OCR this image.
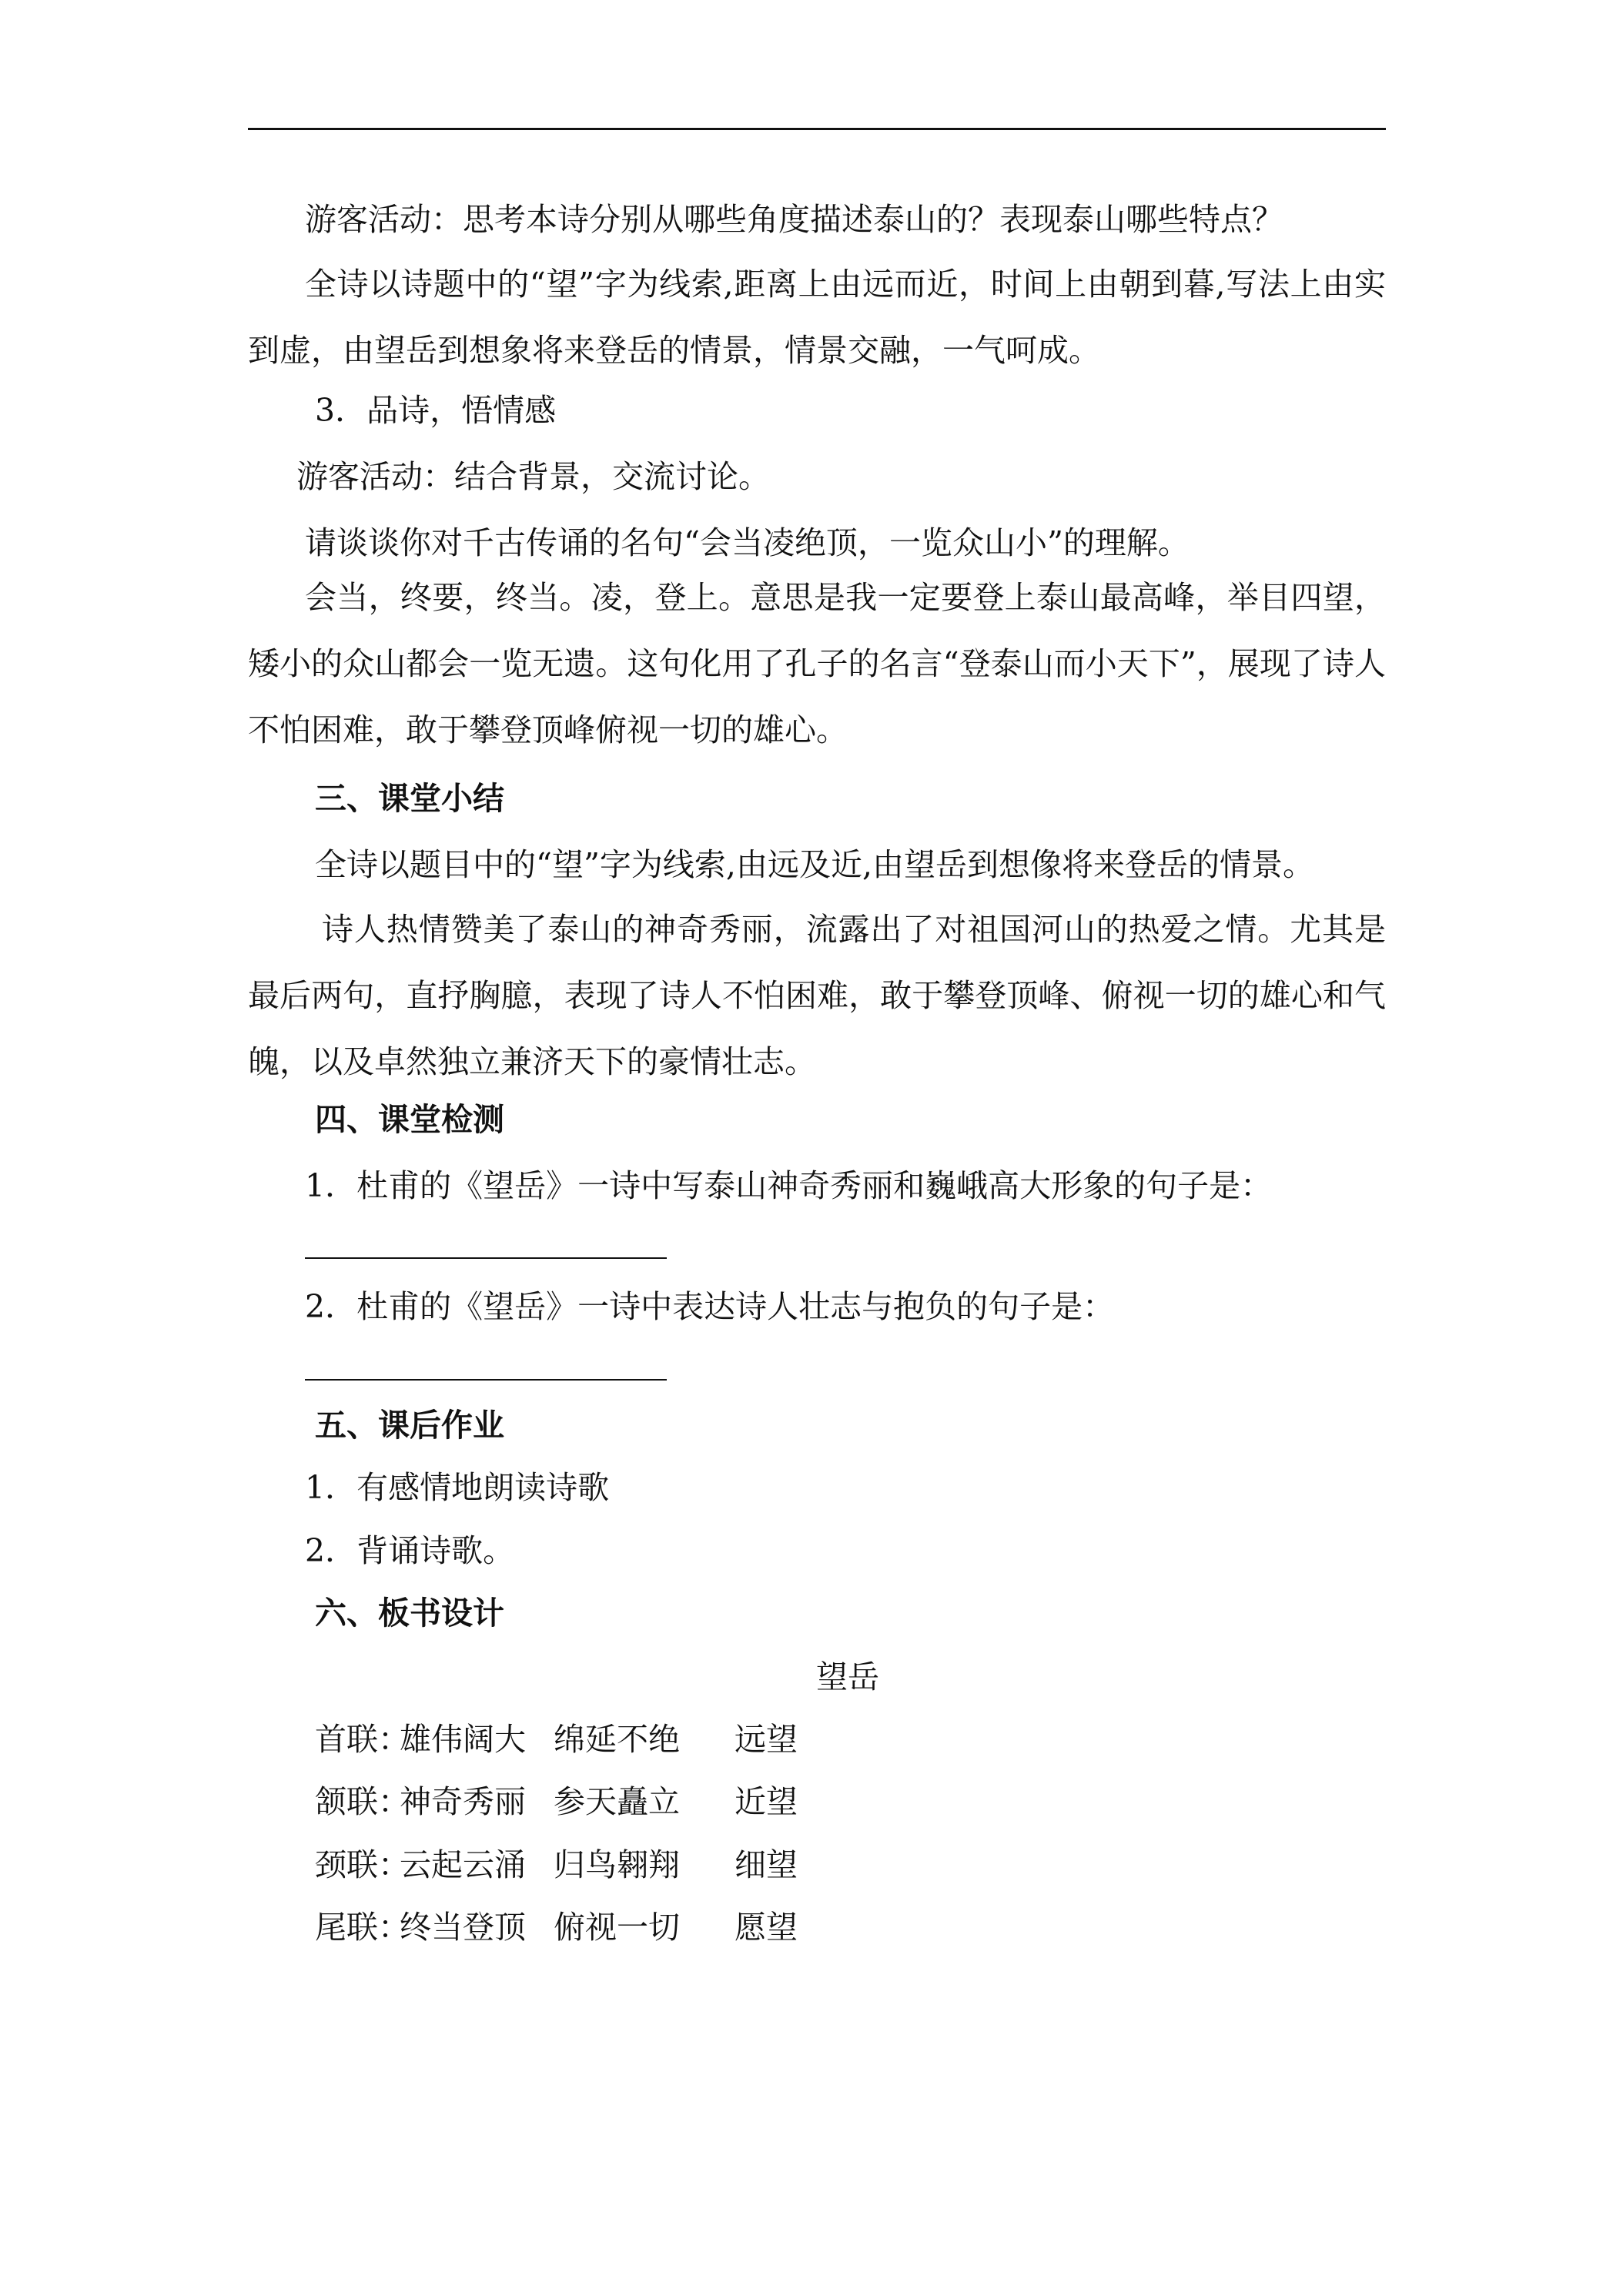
游客活动：思考本诗分别从哪些角度描述泰山的？表现泰山哪些特点？
全诗以诗题中的“望”字为线索,距离上由远而近，时间上由朝到暮,写法上由实到虚，由望岳到想象将来登岳的情景，情景交融，一气呵成。
3．品诗，悟情感
游客活动：结合背景，交流讨论。
请谈谈你对千古传诵的名句“会当凌绝顶，一览众山小”的理解。
会当，终要，终当。凌，登上。意思是我一定要登上泰山最高峰，举目四望，矮小的众山都会一览无遗。这句化用了孔子的名言“登泰山而小天下”，展现了诗人不怕困难，敢于攀登顶峰俯视一切的雄心。
三、课堂小结
全诗以题目中的“望”字为线索,由远及近,由望岳到想像将来登岳的情景。
诗人热情赞美了泰山的神奇秀丽，流露出了对祖国河山的热爱之情。尤其是最后两句，直抒胸臆，表现了诗人不怕困难，敢于攀登顶峰、俯视一切的雄心和气魄，以及卓然独立兼济天下的豪情壮志。
四、课堂检测
1．杜甫的《望岳》一诗中写泰山神奇秀丽和巍峨高大形象的句子是：
2．杜甫的《望岳》一诗中表达诗人壮志与抱负的句子是：
五、课后作业
1．有感情地朗读诗歌
2．背诵诗歌。
六、板书设计
望岳
首联：雄伟阔大 绵延不绝 远望
颔联：神奇秀丽 参天矗立 近望
颈联：云起云涌 归鸟翱翔 细望
尾联：终当登顶 俯视一切 愿望
